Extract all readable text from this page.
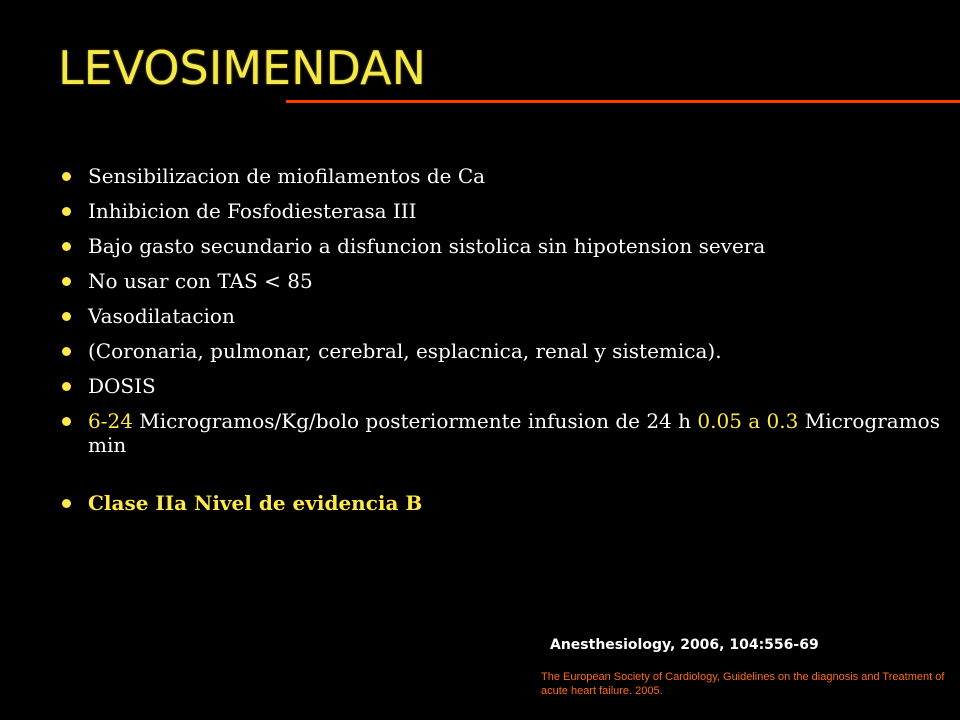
LEVOSIMENDAN
Sensibilizacion de miofilamentos de Ca
Inhibicion de Fosfodiesterasa III
Bajo gasto secundario a disfuncion sistolica sin hipotension severa
No usar con TAS < 85
Vasodilatacion
(Coronaria, pulmonar, cerebral, esplacnica, renal y sistemica).
DOSIS
6-24 Microgramos/Kg/bolo posteriormente infusion de 24 h 0.05 a 0.3 Microgramos min
Clase IIa Nivel de evidencia B
Anesthesiology, 2006, 104:556-69
The European Society of Cardiology, Guidelines on the diagnosis and Treatment of acute heart failure. 2005.
